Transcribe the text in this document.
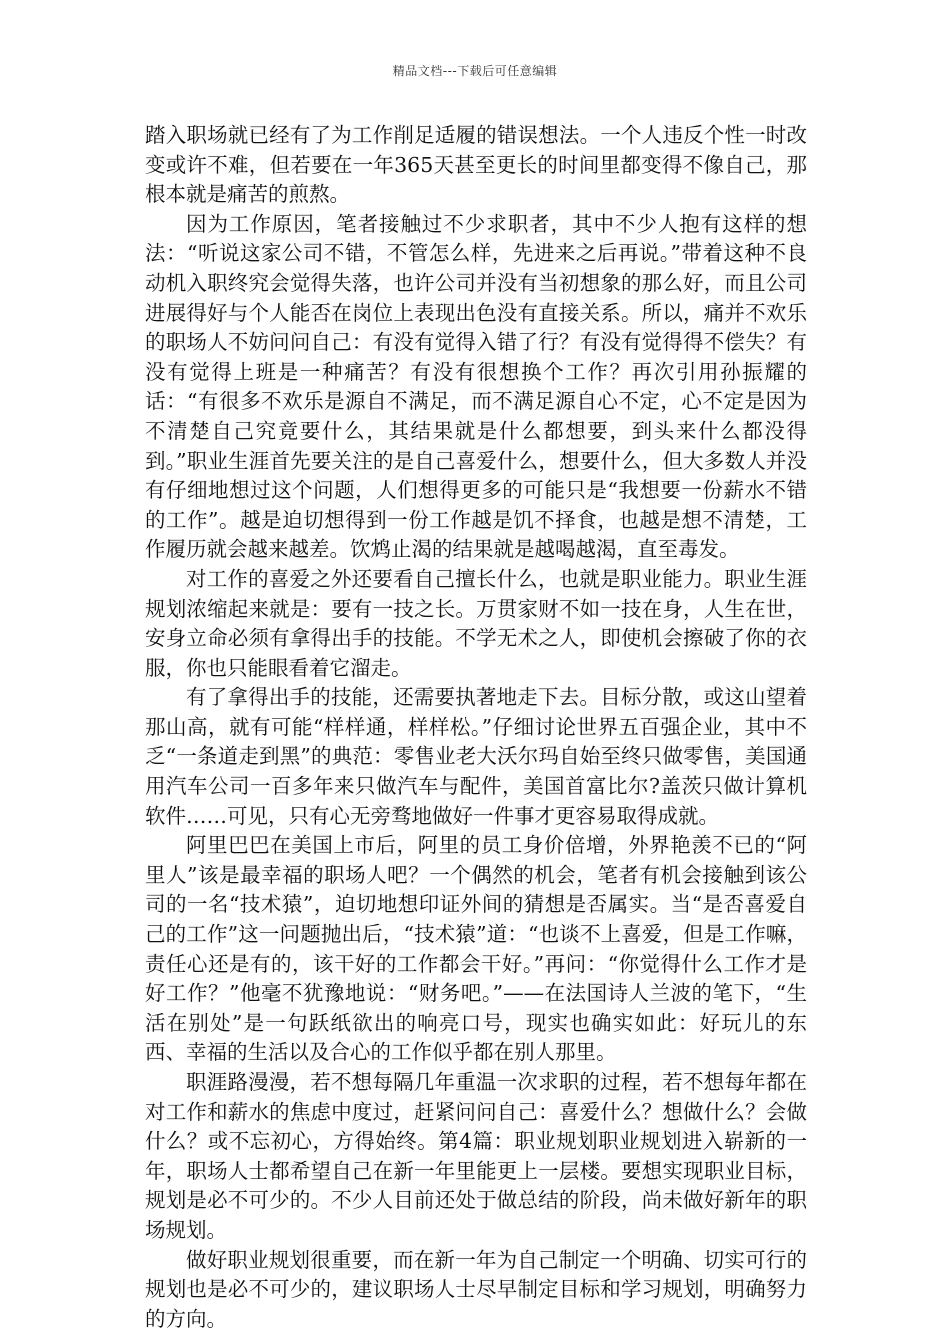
精品文档---下载后可任意编辑

踏入职场就已经有了为工作削足适履的错误想法。一个人违反个性一时改变或许不难，但若要在一年365天甚至更长的时间里都变得不像自己，那根本就是痛苦的煎熬。

因为工作原因，笔者接触过不少求职者，其中不少人抱有这样的想法：“听说这家公司不错，不管怎么样，先进来之后再说。”带着这种不良动机入职终究会觉得失落，也许公司并没有当初想象的那么好，而且公司进展得好与个人能否在岗位上表现出色没有直接关系。所以，痛并不欢乐的职场人不妨问问自己：有没有觉得入错了行？有没有觉得得不偿失？有没有觉得上班是一种痛苦？有没有很想换个工作？再次引用孙振耀的话：“有很多不欢乐是源自不满足，而不满足源自心不定，心不定是因为不清楚自己究竟要什么，其结果就是什么都想要，到头来什么都没得到。”职业生涯首先要关注的是自己喜爱什么，想要什么，但大多数人并没有仔细地想过这个问题，人们想得更多的可能只是“我想要一份薪水不错的工作”。越是迫切想得到一份工作越是饥不择食，也越是想不清楚，工作履历就会越来越差。饮鸩止渴的结果就是越喝越渴，直至毒发。

对工作的喜爱之外还要看自己擅长什么，也就是职业能力。职业生涯规划浓缩起来就是：要有一技之长。万贯家财不如一技在身，人生在世，安身立命必须有拿得出手的技能。不学无术之人，即使机会擦破了你的衣服，你也只能眼看着它溜走。

有了拿得出手的技能，还需要执著地走下去。目标分散，或这山望着那山高，就有可能“样样通，样样松。”仔细讨论世界五百强企业，其中不乏“一条道走到黑”的典范：零售业老大沃尔玛自始至终只做零售，美国通用汽车公司一百多年来只做汽车与配件，美国首富比尔?盖茨只做计算机软件……可见，只有心无旁骛地做好一件事才更容易取得成就。

阿里巴巴在美国上市后，阿里的员工身价倍增，外界艳羡不已的“阿里人”该是最幸福的职场人吧？一个偶然的机会，笔者有机会接触到该公司的一名“技术猿”，迫切地想印证外间的猜想是否属实。当“是否喜爱自己的工作”这一问题抛出后，“技术猿”道：“也谈不上喜爱，但是工作嘛，责任心还是有的，该干好的工作都会干好。”再问：“你觉得什么工作才是好工作？”他毫不犹豫地说：“财务吧。”——在法国诗人兰波的笔下，“生活在别处”是一句跃纸欲出的响亮口号，现实也确实如此：好玩儿的东西、幸福的生活以及合心的工作似乎都在别人那里。

职涯路漫漫，若不想每隔几年重温一次求职的过程，若不想每年都在对工作和薪水的焦虑中度过，赶紧问问自己：喜爱什么？想做什么？会做什么？或不忘初心，方得始终。第4篇：职业规划职业规划进入崭新的一年，职场人士都希望自己在新一年里能更上一层楼。要想实现职业目标，规划是必不可少的。不少人目前还处于做总结的阶段，尚未做好新年的职场规划。

做好职业规划很重要，而在新一年为自己制定一个明确、切实可行的规划也是必不可少的，建议职场人士尽早制定目标和学习规划，明确努力的方向。
